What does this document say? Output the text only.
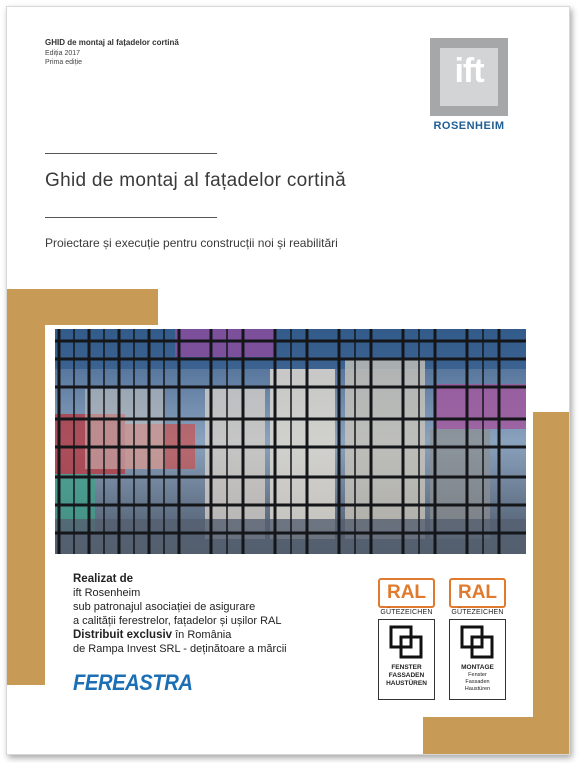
GHID de montaj al fațadelor cortină
Ediția 2017
Prima ediție	ift
ROSENHEIM
Ghid de montaj al fațadelor cortină
Proiectare și execuție pentru construcții noi și reabilitări
Realizat de
ift Rosenheim
sub patronajul asociației de asigurare
a calității ferestrelor, fațadelor și ușilor RAL
Distribuit exclusiv în România
de Rampa Invest SRL - deținătoare a mărcii
FEREASTRA
RAL
GÜTEZEICHEN
FENSTER
FASSADEN
HAUSTÜREN
RAL
GÜTEZEICHEN
MONTAGE
Fenster
Fassaden
Haustüren
